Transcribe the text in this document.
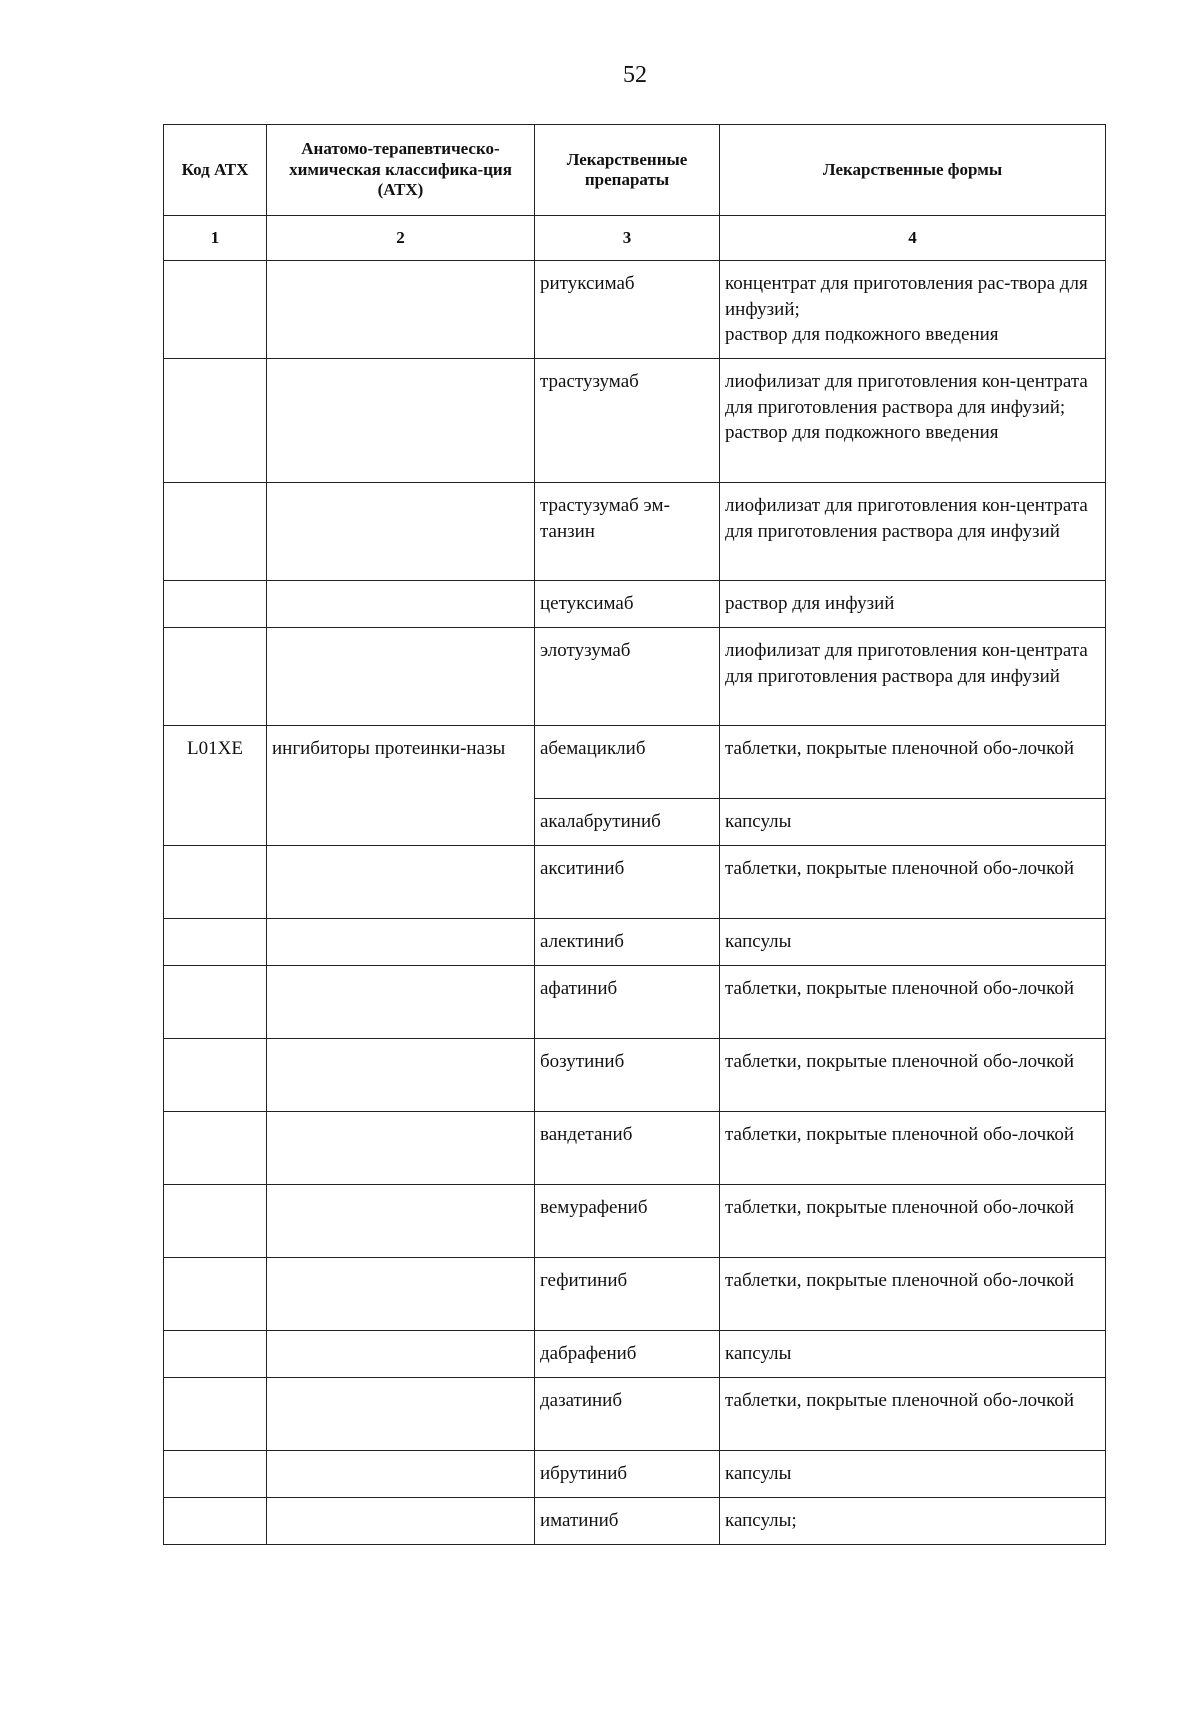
52
Код АТХ	Анатомо-терапевтическо-химическая классифика-ция (АТХ)	Лекарственные препараты	Лекарственные формы
1	2	3	4
		ритуксимаб	концентрат для приготовления рас-твора для инфузий;
раствор для подкожного введения
		трастузумаб	лиофилизат для приготовления кон-центрата для приготовления раствора для инфузий;
раствор для подкожного введения
		трастузумаб эм-танзин	лиофилизат для приготовления кон-центрата для приготовления раствора для инфузий
		цетуксимаб	раствор для инфузий
		элотузумаб	лиофилизат для приготовления кон-центрата для приготовления раствора для инфузий
L01XE	ингибиторы протеинки-назы	абемациклиб	таблетки, покрытые пленочной обо-лочкой
		акалабрутиниб	капсулы
		акситиниб	таблетки, покрытые пленочной обо-лочкой
		алектиниб	капсулы
		афатиниб	таблетки, покрытые пленочной обо-лочкой
		бозутиниб	таблетки, покрытые пленочной обо-лочкой
		вандетаниб	таблетки, покрытые пленочной обо-лочкой
		вемурафениб	таблетки, покрытые пленочной обо-лочкой
		гефитиниб	таблетки, покрытые пленочной обо-лочкой
		дабрафениб	капсулы
		дазатиниб	таблетки, покрытые пленочной обо-лочкой
		ибрутиниб	капсулы
		иматиниб	капсулы;
